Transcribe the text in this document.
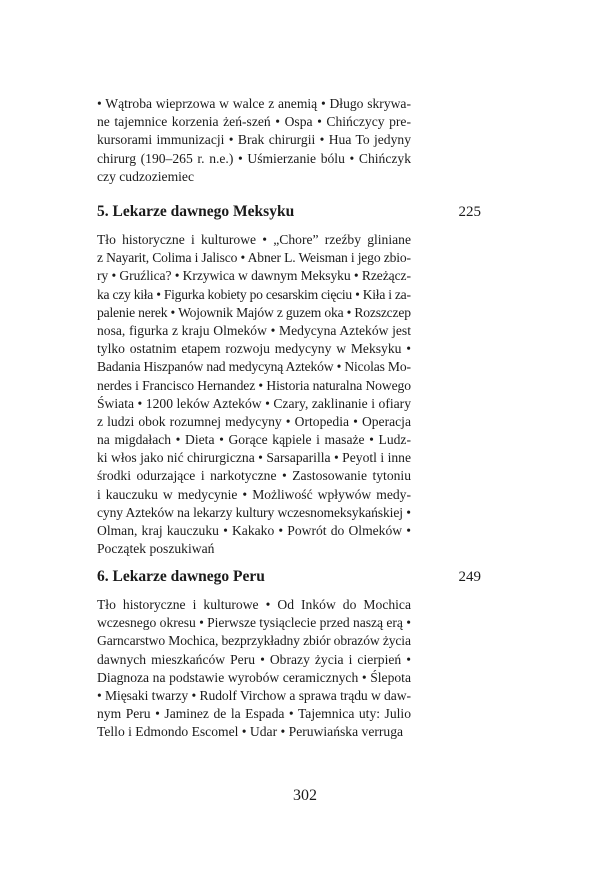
• Wątroba wieprzowa w walce z anemią • Długo skrywa-
ne tajemnice korzenia żeń-szeń • Ospa • Chińczycy pre-
kursorami immunizacji • Brak chirurgii • Hua To jedyny
chirurg (190–265 r. n.e.) • Uśmierzanie bólu • Chińczyk
czy cudzoziemiec
5. Lekarze dawnego Meksyku	225
Tło historyczne i kulturowe • „Chore” rzeźby gliniane
z Nayarit, Colima i Jalisco • Abner L. Weisman i jego zbio-
ry • Gruźlica? • Krzywica w dawnym Meksyku • Rzeżącz-
ka czy kiła • Figurka kobiety po cesarskim cięciu • Kiła i za-
palenie nerek • Wojownik Majów z guzem oka • Rozszczep
nosa, figurka z kraju Olmeków • Medycyna Azteków jest
tylko ostatnim etapem rozwoju medycyny w Meksyku •
Badania Hiszpanów nad medycyną Azteków • Nicolas Mo-
nerdes i Francisco Hernandez • Historia naturalna Nowego
Świata • 1200 leków Azteków • Czary, zaklinanie i ofiary
z ludzi obok rozumnej medycyny • Ortopedia • Operacja
na migdałach • Dieta • Gorące kąpiele i masaże • Ludz-
ki włos jako nić chirurgiczna • Sarsaparilla • Peyotl i inne
środki odurzające i narkotyczne • Zastosowanie tytoniu
i kauczuku w medycynie • Możliwość wpływów medy-
cyny Azteków na lekarzy kultury wczesnomeksykańskiej •
Olman, kraj kauczuku • Kakako • Powrót do Olmeków •
Początek poszukiwań
6. Lekarze dawnego Peru	249
Tło historyczne i kulturowe • Od Inków do Mochica
wczesnego okresu • Pierwsze tysiąclecie przed naszą erą •
Garncarstwo Mochica, bezprzykładny zbiór obrazów życia
dawnych mieszkańców Peru • Obrazy życia i cierpień •
Diagnoza na podstawie wyrobów ceramicznych • Ślepota
• Mięsaki twarzy • Rudolf Virchow a sprawa trądu w daw-
nym Peru • Jaminez de la Espada • Tajemnica uty: Julio
Tello i Edmondo Escomel • Udar • Peruwiańska verruga
302
